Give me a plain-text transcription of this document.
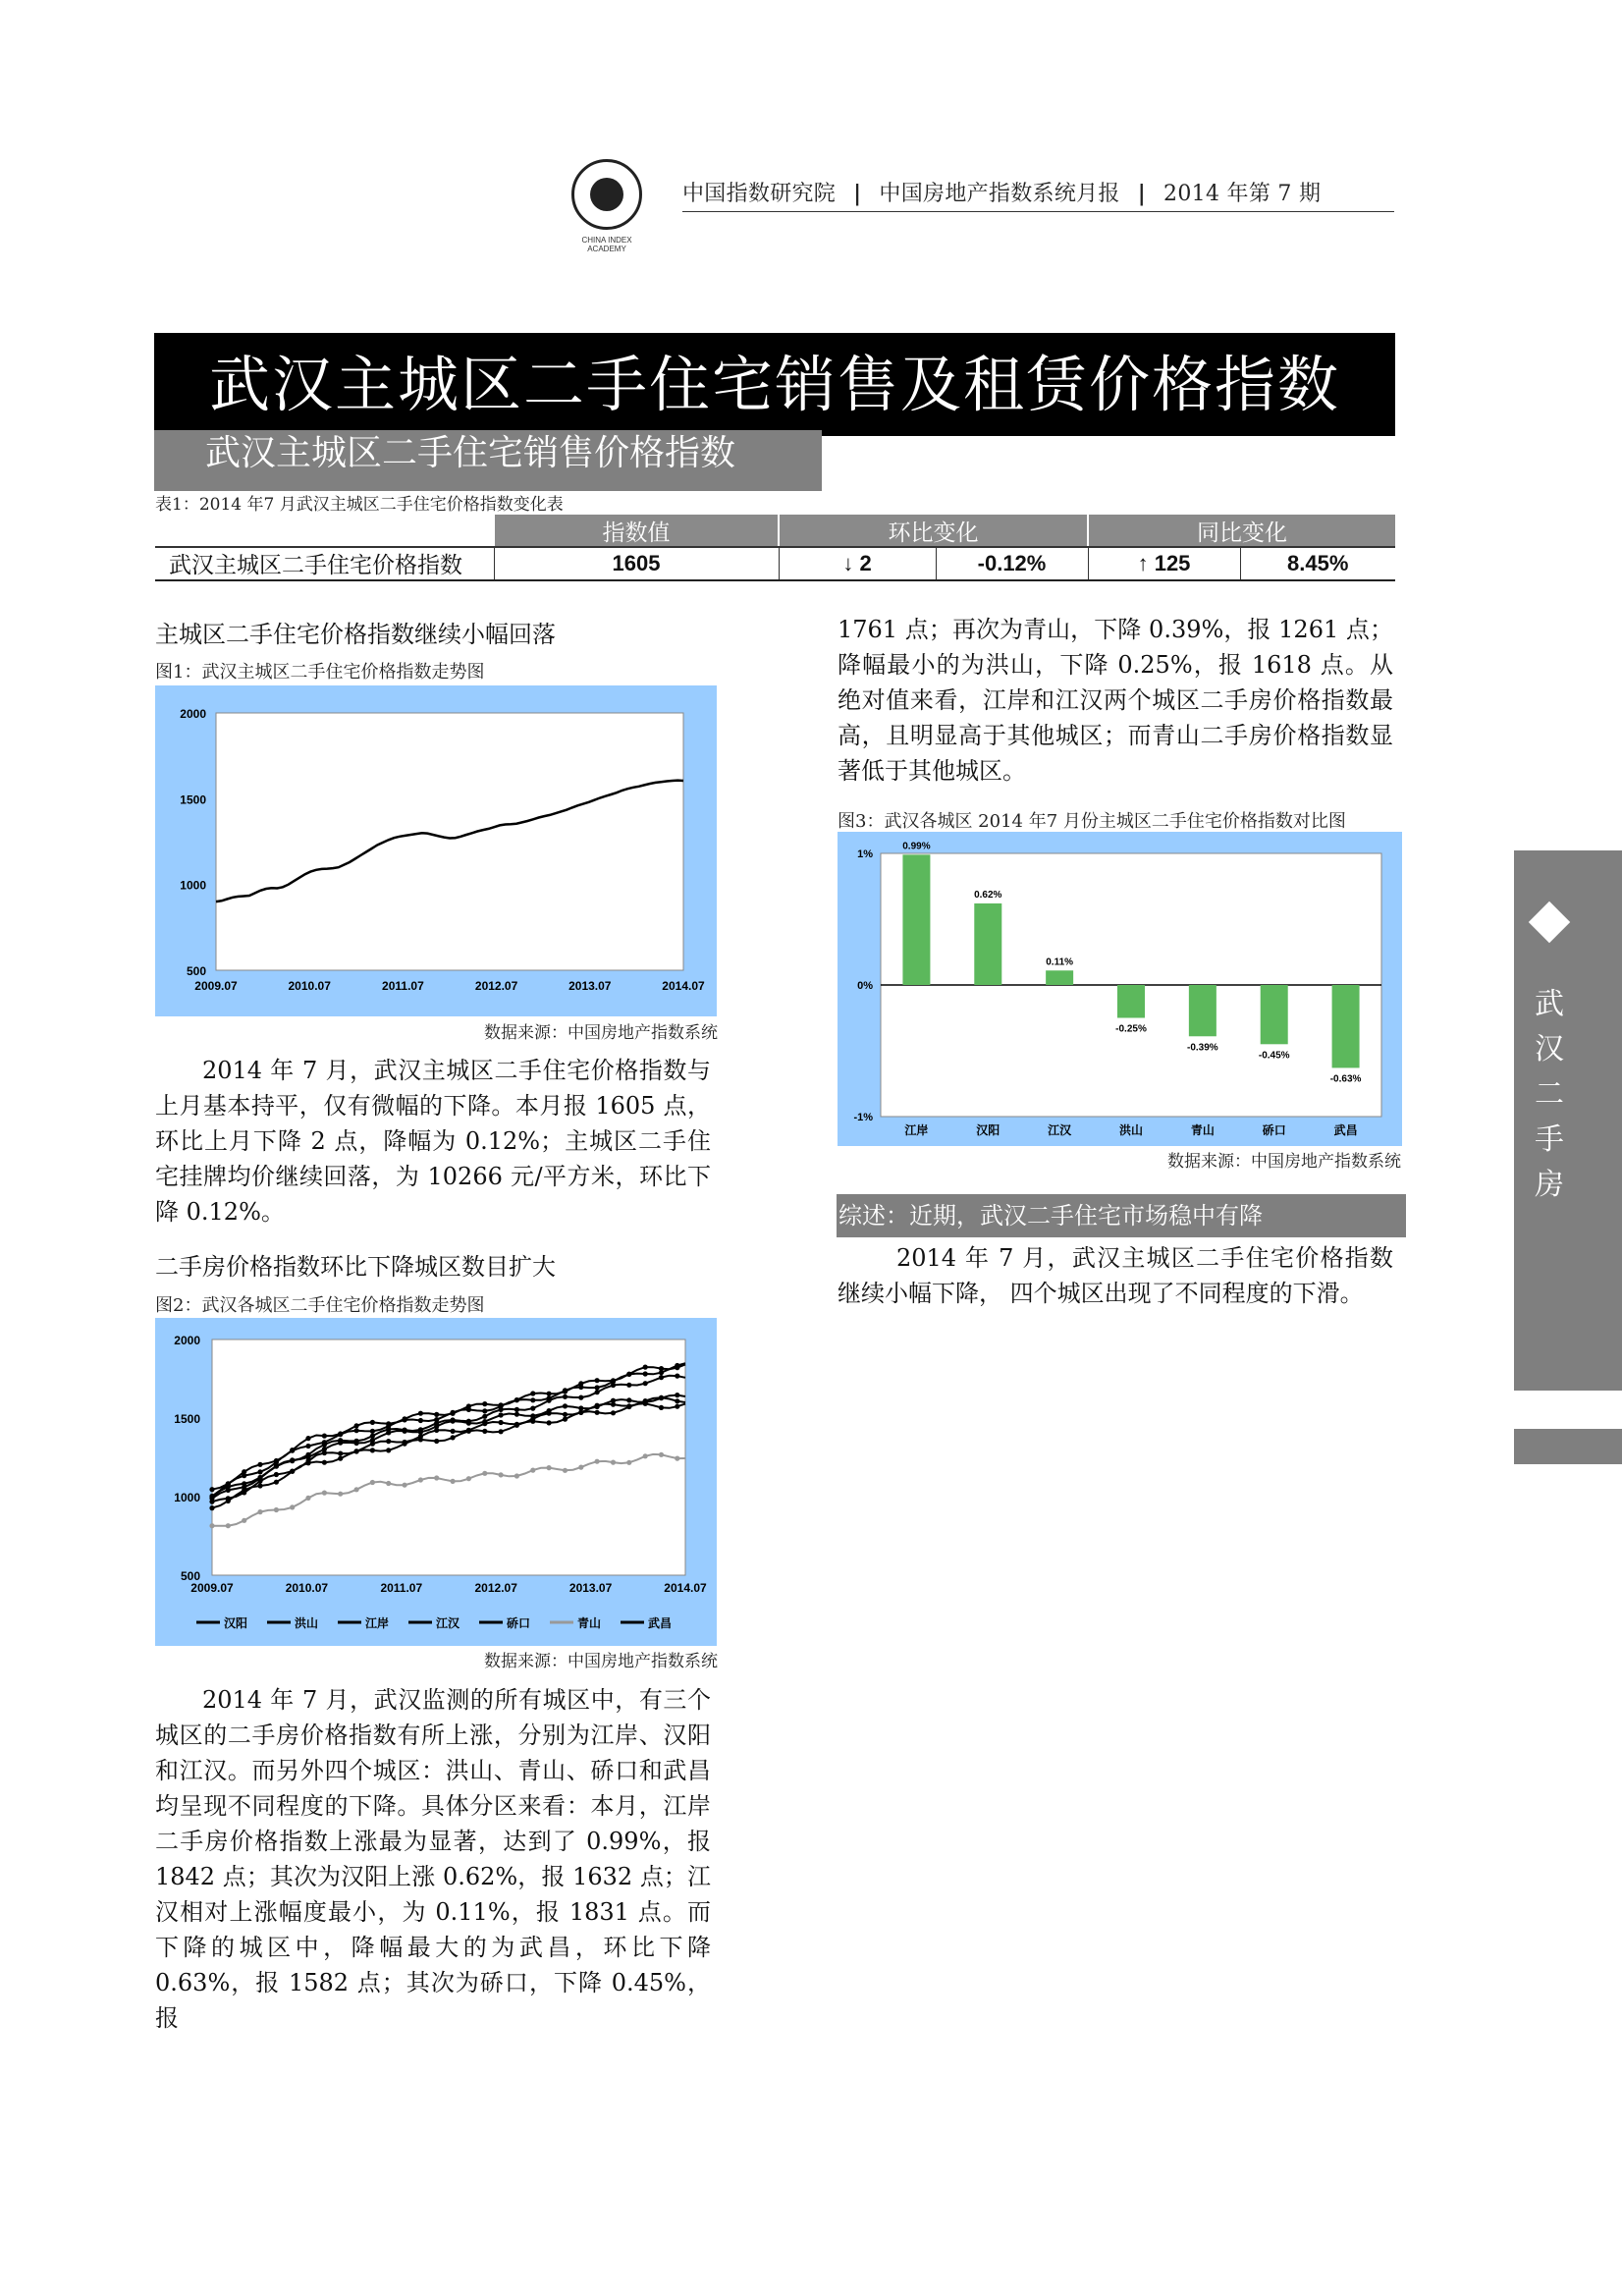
CHINA INDEX ACADEMY
中国指数研究院 | 中国房地产指数系统月报 | 2014 年第 7 期
武汉主城区二手住宅销售及租赁价格指数
武汉主城区二手住宅销售价格指数
表1：2014 年7 月武汉主城区二手住宅价格指数变化表
	指数值	环比变化		同比变化	
武汉主城区二手住宅价格指数	1605	↓ 2	-0.12%	↑ 125	8.45%
主城区二手住宅价格指数继续小幅回落
图1：武汉主城区二手住宅价格指数走势图
2000
1500
1000
500
2009.07	2010.07	2011.07	2012.07	2013.07	2014.07
数据来源：中国房地产指数系统
2014 年 7 月，武汉主城区二手住宅价格指数与上月基本持平，仅有微幅的下降。本月报 1605 点，环比上月下降 2 点，降幅为 0.12%；主城区二手住宅挂牌均价继续回落，为 10266 元/平方米，环比下降 0.12%。
二手房价格指数环比下降城区数目扩大
图2：武汉各城区二手住宅价格指数走势图
2000
1500
1000
500
2009.07	2010.07	2011.07	2012.07	2013.07	2014.07
汉阳	洪山	江岸	江汉	硚口	青山	武昌
数据来源：中国房地产指数系统
2014 年 7 月，武汉监测的所有城区中，有三个城区的二手房价格指数有所上涨，分别为江岸、汉阳和江汉。而另外四个城区：洪山、青山、硚口和武昌均呈现不同程度的下降。具体分区来看：本月，江岸二手房价格指数上涨最为显著，达到了 0.99%，报 1842 点；其次为汉阳上涨 0.62%，报 1632 点；江汉相对上涨幅度最小，为 0.11%，报 1831 点。而下降的城区中，降幅最大的为武昌，环比下降 0.63%，报 1582 点；其次为硚口，下降 0.45%，报
1761 点；再次为青山，下降 0.39%，报 1261 点；降幅最小的为洪山，下降 0.25%，报 1618 点。从绝对值来看，江岸和江汉两个城区二手房价格指数最高，且明显高于其他城区；而青山二手房价格指数显著低于其他城区。
图3：武汉各城区 2014 年7 月份主城区二手住宅价格指数对比图
1%
0%
-1%
0.99%
江岸
0.62%
汉阳
0.11%
江汉
-0.25%
洪山
-0.39%
青山
-0.45%
硚口
-0.63%
武昌
数据来源：中国房地产指数系统
综述：近期，武汉二手住宅市场稳中有降
2014 年 7 月，武汉主城区二手住宅价格指数继续小幅下降， 四个城区出现了不同程度的下滑。
武
汉
二
手
房
